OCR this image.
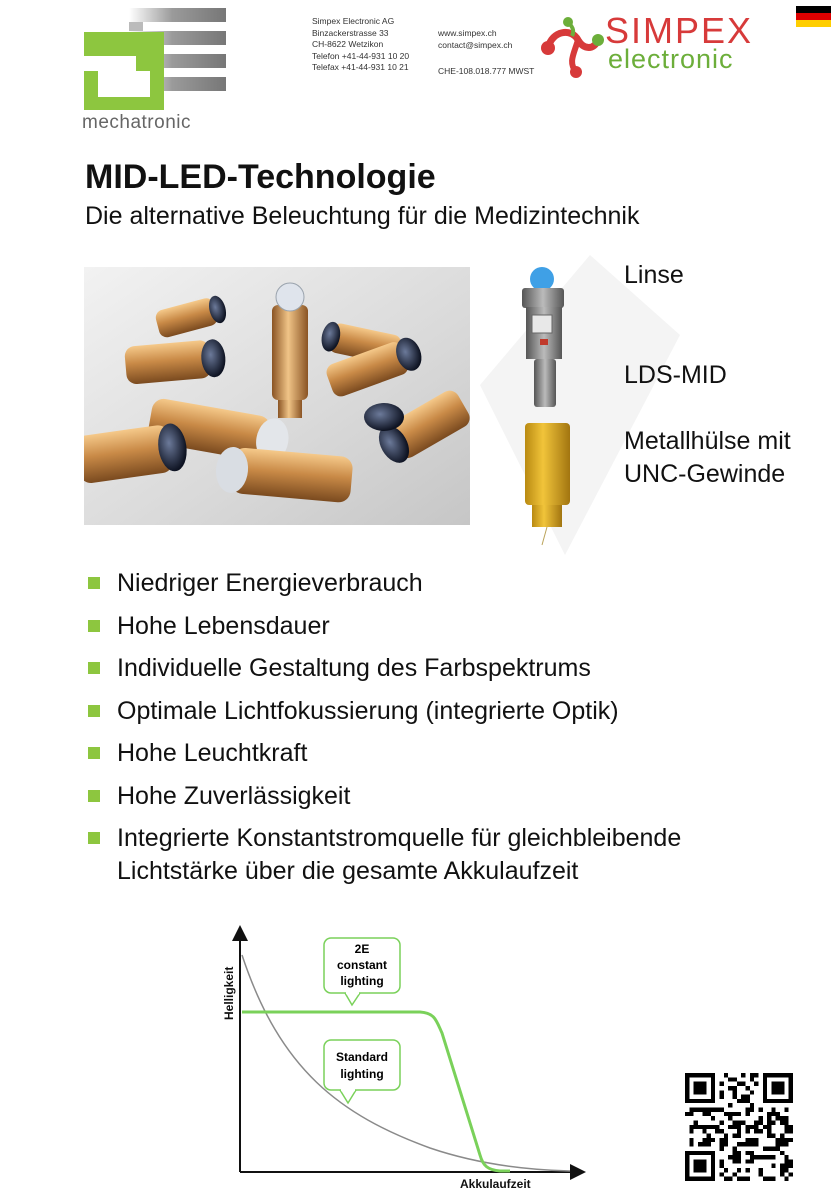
mechatronic
Simpex Electronic AG
Binzackerstrasse 33
CH-8622 Wetzikon
Telefon +41-44-931 10 20
Telefax +41-44-931 10 21
www.simpex.ch
contact@simpex.ch
CHE-108.018.777 MWST
SIMPEX
electronic
MID-LED-Technologie
Die alternative Beleuchtung für die Medizintechnik
Linse
LDS-MID
Metallhülse mit UNC-Gewinde
Niedriger Energieverbrauch
Hohe Lebensdauer
Individuelle Gestaltung des Farbspektrums
Optimale Lichtfokussierung (integrierte Optik)
Hohe Leuchtkraft
Hohe Zuverlässigkeit
Integrierte Konstantstromquelle für gleichbleibende Lichtstärke über die gesamte Akkulaufzeit
Helligkeit
Akkulaufzeit
2E
constant
lighting
Standard
lighting
